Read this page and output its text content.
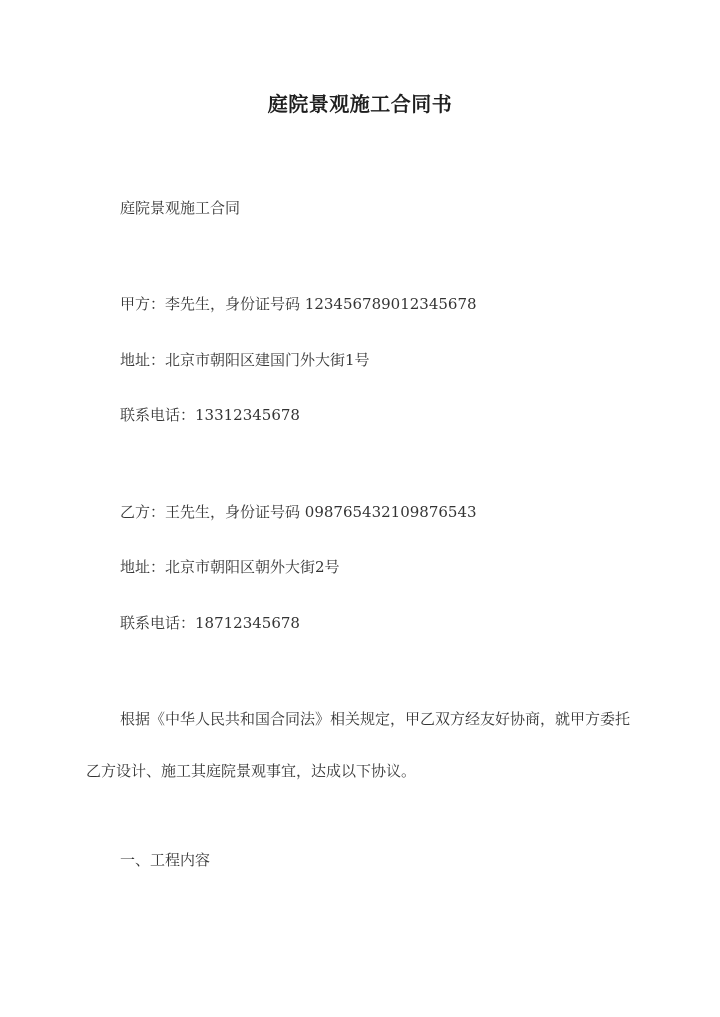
庭院景观施工合同书
庭院景观施工合同
甲方：李先生，身份证号码 123456789012345678
地址：北京市朝阳区建国门外大街1号
联系电话：13312345678
乙方：王先生，身份证号码 098765432109876543
地址：北京市朝阳区朝外大街2号
联系电话：18712345678
根据《中华人民共和国合同法》相关规定，甲乙双方经友好协商，就甲方委托乙方设计、施工其庭院景观事宜，达成以下协议。
一、工程内容
